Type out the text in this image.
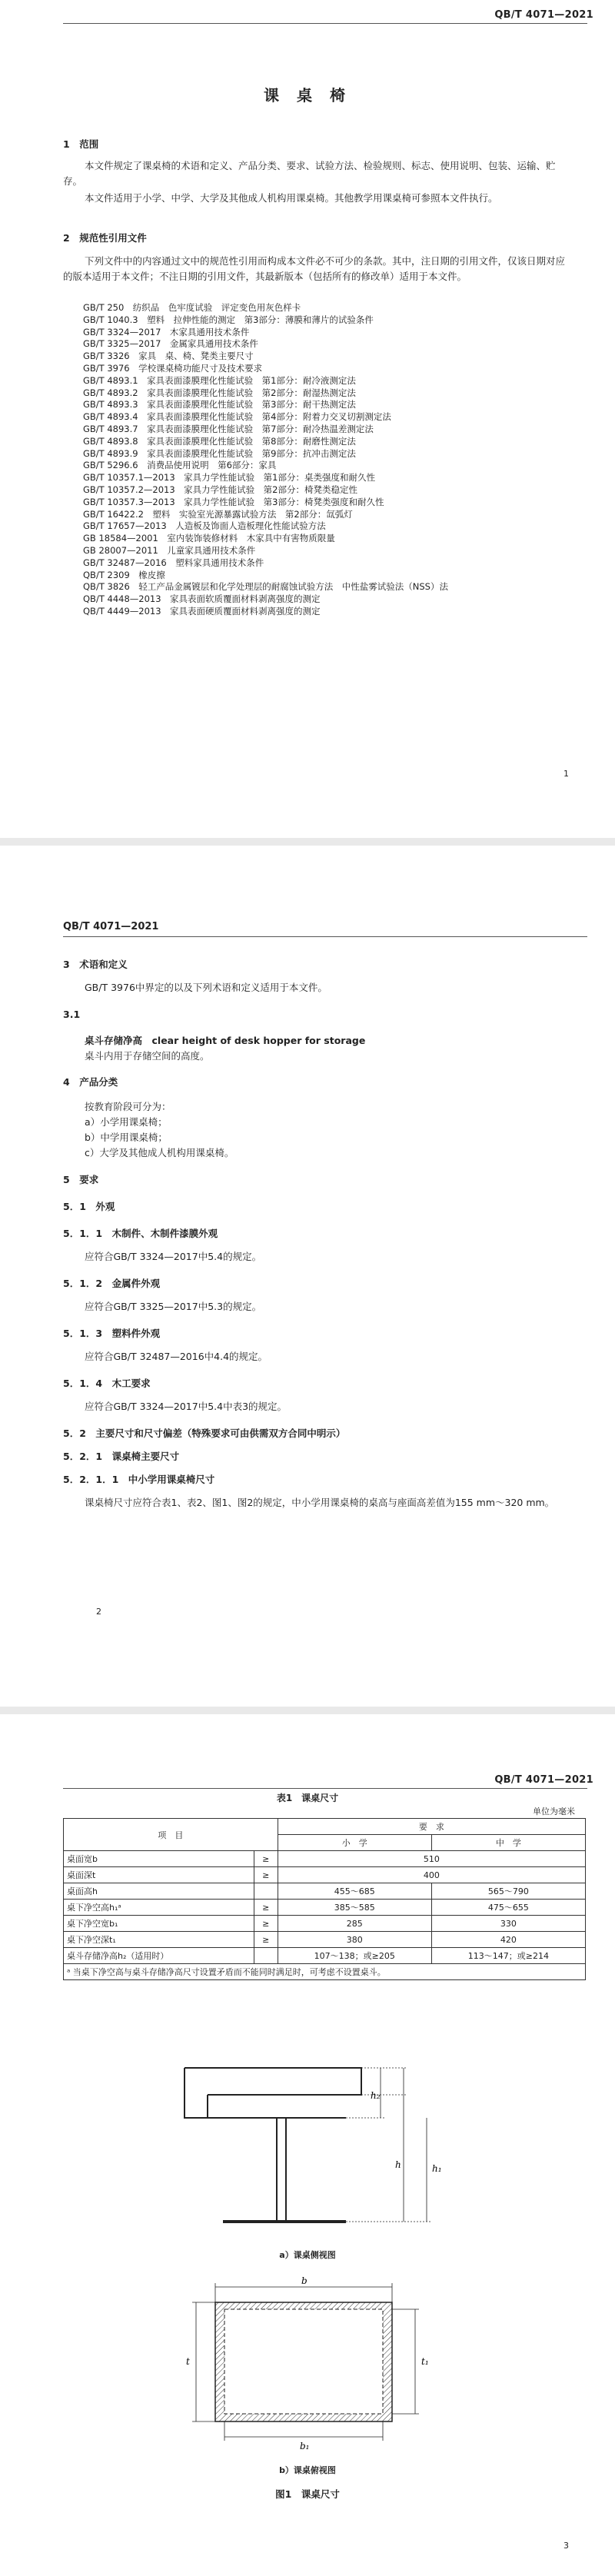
QB/T 4071—2021
课 桌 椅
1　范围

本文件规定了课桌椅的术语和定义、产品分类、要求、试验方法、检验规则、标志、使用说明、包装、运输、贮存。

本文件适用于小学、中学、大学及其他成人机构用课桌椅。其他教学用课桌椅可参照本文件执行。

2　规范性引用文件

下列文件中的内容通过文中的规范性引用而构成本文件必不可少的条款。其中，注日期的引用文件，仅该日期对应的版本适用于本文件；不注日期的引用文件，其最新版本（包括所有的修改单）适用于本文件。

GB/T 250　纺织品　色牢度试验　评定变色用灰色样卡
GB/T 1040.3　塑料　拉伸性能的测定　第3部分：薄膜和薄片的试验条件
GB/T 3324—2017　木家具通用技术条件
GB/T 3325—2017　金属家具通用技术条件
GB/T 3326　家具　桌、椅、凳类主要尺寸
GB/T 3976　学校课桌椅功能尺寸及技术要求
GB/T 4893.1　家具表面漆膜理化性能试验　第1部分：耐冷液测定法
GB/T 4893.2　家具表面漆膜理化性能试验　第2部分：耐湿热测定法
GB/T 4893.3　家具表面漆膜理化性能试验　第3部分：耐干热测定法
GB/T 4893.4　家具表面漆膜理化性能试验　第4部分：附着力交叉切割测定法
GB/T 4893.7　家具表面漆膜理化性能试验　第7部分：耐冷热温差测定法
GB/T 4893.8　家具表面漆膜理化性能试验　第8部分：耐磨性测定法
GB/T 4893.9　家具表面漆膜理化性能试验　第9部分：抗冲击测定法
GB/T 5296.6　消费品使用说明　第6部分：家具
GB/T 10357.1—2013　家具力学性能试验　第1部分：桌类强度和耐久性
GB/T 10357.2—2013　家具力学性能试验　第2部分：椅凳类稳定性
GB/T 10357.3—2013　家具力学性能试验　第3部分：椅凳类强度和耐久性
GB/T 16422.2　塑料　实验室光源暴露试验方法　第2部分：氙弧灯
GB/T 17657—2013　人造板及饰面人造板理化性能试验方法
GB 18584—2001　室内装饰装修材料　木家具中有害物质限量
GB 28007—2011　儿童家具通用技术条件
GB/T 32487—2016　塑料家具通用技术条件
QB/T 2309　橡皮擦
QB/T 3826　轻工产品金属镀层和化学处理层的耐腐蚀试验方法　中性盐雾试验法（NSS）法
QB/T 4448—2013　家具表面软质覆面材料剥离强度的测定
QB/T 4449—2013　家具表面硬质覆面材料剥离强度的测定
1
QB/T 4071—2021
3　术语和定义

GB/T 3976中界定的以及下列术语和定义适用于本文件。

3.1
桌斗存储净高　clear height of desk hopper for storage
桌斗内用于存储空间的高度。
4　产品分类
按教育阶段可分为：
a）小学用课桌椅；
b）中学用课桌椅；
c）大学及其他成人机构用课桌椅。
5　要求
5．1　外观
5．1．1　木制件、木制件漆膜外观
应符合GB/T 3324—2017中5.4的规定。
5．1．2　金属件外观
应符合GB/T 3325—2017中5.3的规定。
5．1．3　塑料件外观
应符合GB/T 32487—2016中4.4的规定。
5．1．4　木工要求
应符合GB/T 3324—2017中5.4中表3的规定。
5．2　主要尺寸和尺寸偏差（特殊要求可由供需双方合同中明示）
5．2．1　课桌椅主要尺寸
5．2．1．1　中小学用课桌椅尺寸

课桌椅尺寸应符合表1、表2、图1、图2的规定，中小学用课桌椅的桌高与座面高差值为155 mm～320 mm。

2
QB/T 4071—2021
表1　课桌尺寸
单位为毫米
项　目		要　求	
		小　学	中　学
桌面宽b	≥	510	
桌面深t	≥	400	
桌面高h		455～685	565～790
桌下净空高h₁ᵃ	≥	385～585	475～655
桌下净空宽b₁	≥	285	330
桌下净空深t₁	≥	380	420
桌斗存储净高h₂（适用时）		107～138；或≥205	113～147；或≥214
ᵃ 当桌下净空高与桌斗存储净高尺寸设置矛盾而不能同时满足时，可考虑不设置桌斗。			
h₂
h	h₁
a）课桌侧视图
b
b₁
t	t₁
b）课桌俯视图
图1　课桌尺寸
3
